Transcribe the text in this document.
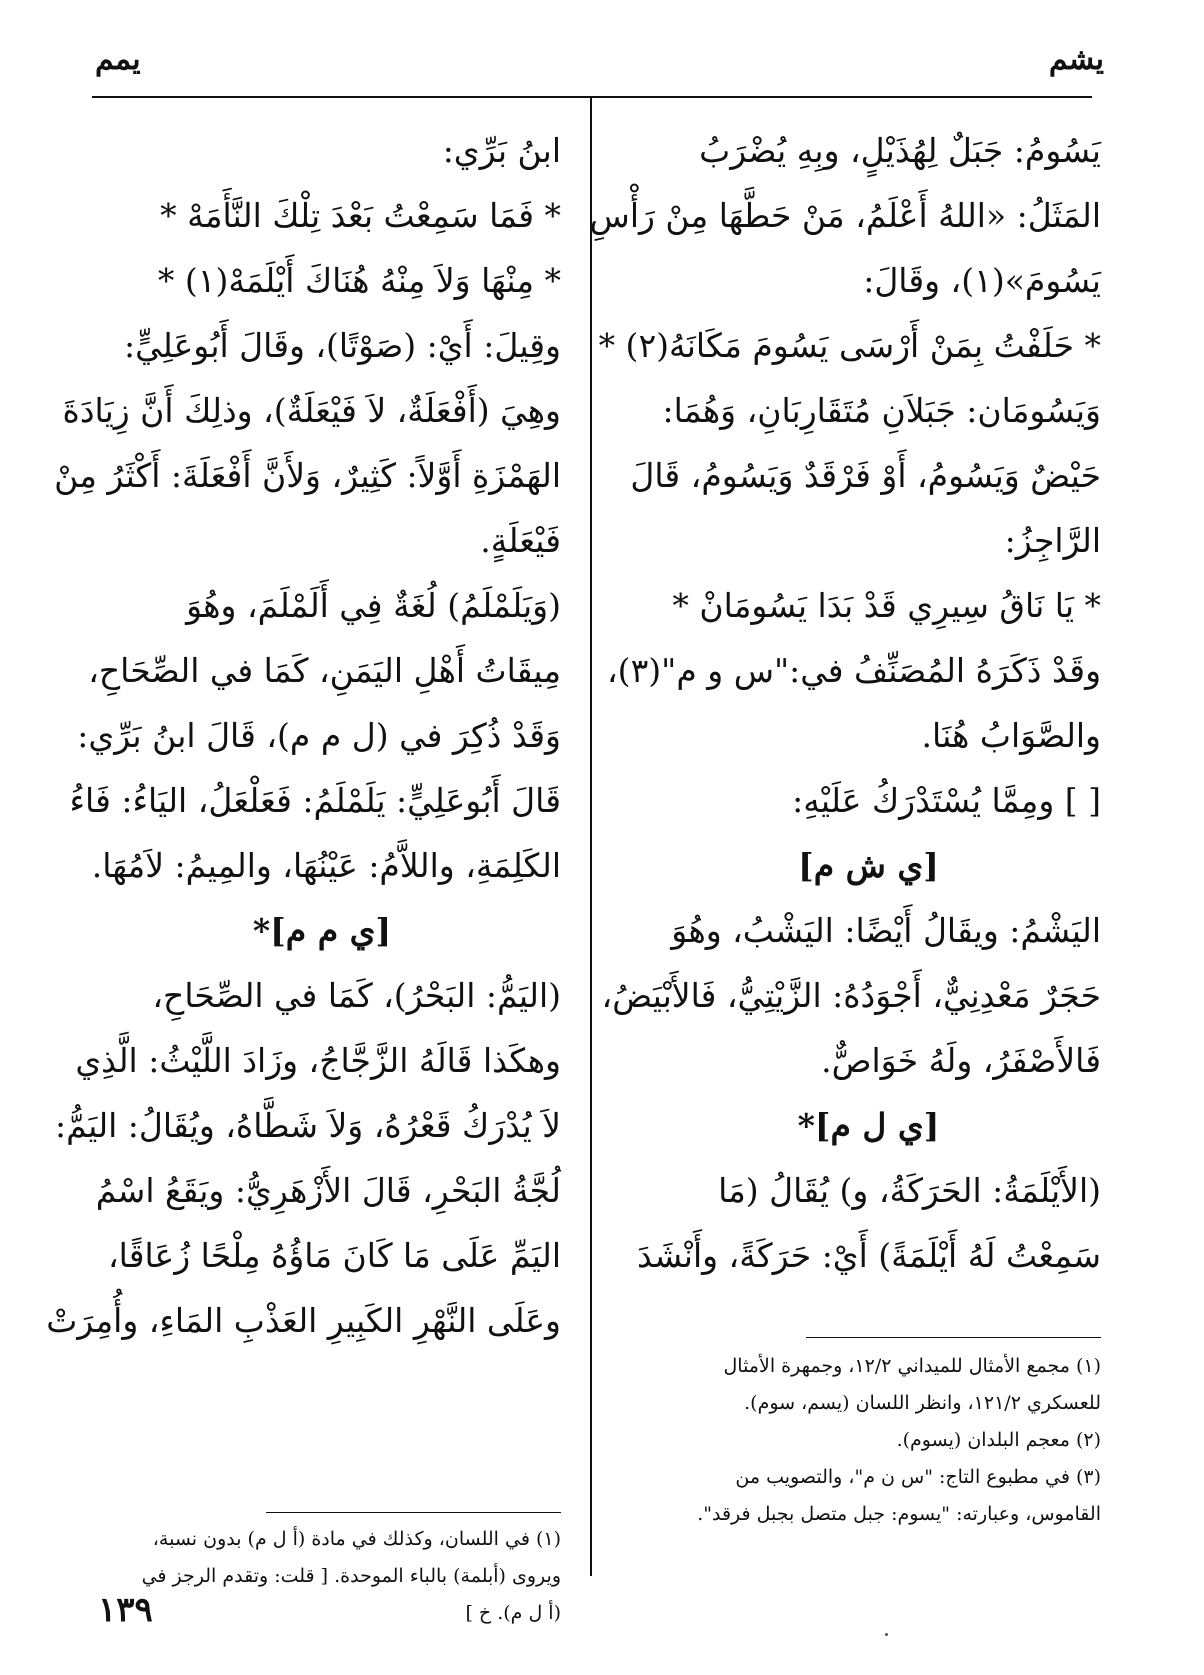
يشم
يمم
يَسُومُ: جَبَلٌ لِهُذَيْلٍ، وبِهِ يُضْرَبُ
المَثَلُ: «اللهُ أَعْلَمُ، مَنْ حَطَّهَا مِنْ رَأْسِ
يَسُومَ»(١)، وقَالَ:
* حَلَفْتُ بِمَنْ أَرْسَى يَسُومَ مَكَانَهُ(٢) *
وَيَسُومَان: جَبَلاَنِ مُتَقَارِبَانِ، وَهُمَا:
حَيْضٌ وَيَسُومُ، أَوْ فَرْقَدٌ وَيَسُومُ، قَالَ
الرَّاجِزُ:
* يَا نَاقُ سِيرِي قَدْ بَدَا يَسُومَانْ *
وقَدْ ذَكَرَهُ المُصَنِّفُ في:"س و م"(٣)،
والصَّوَابُ هُنَا.
[ ] ومِمَّا يُسْتَدْرَكُ عَلَيْهِ:
[ي ش م]
اليَشْمُ: ويقَالُ أَيْضًا: اليَشْبُ، وهُوَ
حَجَرٌ مَعْدِنِيٌّ، أَجْوَدُهُ: الزَّيْتِيُّ، فَالأَبْيَضُ،
فَالأَصْفَرُ، ولَهُ خَوَاصٌّ.
[ي ل م]*
(الأَيْلَمَةُ: الحَرَكَةُ، و) يُقَالُ (مَا
سَمِعْتُ لَهُ أَيْلَمَةً) أَيْ: حَرَكَةً، وأَنْشَدَ
ابنُ بَرِّي:
* فَمَا سَمِعْتُ بَعْدَ تِلْكَ النَّأَمَهْ *
* مِنْهَا وَلاَ مِنْهُ هُنَاكَ أَيْلَمَهْ(١) *
وقِيلَ: أَيْ: (صَوْتًا)، وقَالَ أَبُوعَلِيٍّ:
وهِيَ (أَفْعَلَةٌ، لاَ فَيْعَلَةٌ)، وذلِكَ أَنَّ زِيَادَةَ
الهَمْزَةِ أَوَّلاً: كَثِيرٌ، وَلأَنَّ أَفْعَلَةَ: أَكْثَرُ مِنْ
فَيْعَلَةٍ.
(وَيَلَمْلَمُ) لُغَةٌ فِي أَلَمْلَمَ، وهُوَ
مِيقَاتُ أَهْلِ اليَمَنِ، كَمَا في الصِّحَاحِ،
وَقَدْ ذُكِرَ في (ل م م)، قَالَ ابنُ بَرِّي:
قَالَ أَبُوعَلِيٍّ: يَلَمْلَمُ: فَعَلْعَلُ، اليَاءُ: فَاءُ
الكَلِمَةِ، واللاَّمُ: عَيْنُهَا، والمِيمُ: لاَمُهَا.
[ي م م]*
(اليَمُّ: البَحْرُ)، كَمَا في الصِّحَاحِ،
وهكَذا قَالَهُ الزَّجَّاجُ، وزَادَ اللَّيْثُ: الَّذِي
لاَ يُدْرَكُ قَعْرُهُ، وَلاَ شَطَّاهُ، ويُقَالُ: اليَمُّ:
لُجَّةُ البَحْرِ، قَالَ الأَزْهَرِيُّ: ويَقَعُ اسْمُ
اليَمِّ عَلَى مَا كَانَ مَاؤُهُ مِلْحًا زُعَاقًا،
وعَلَى النَّهْرِ الكَبِيرِ العَذْبِ المَاءِ، وأُمِرَتْ
(١) مجمع الأمثال للميداني ١٢/٢، وجمهرة الأمثال
للعسكري ١٢١/٢، وانظر اللسان (يسم، سوم).
(٢) معجم البلدان (يسوم).
(٣) في مطبوع التاج: "س ن م"، والتصويب من
القاموس، وعبارته: "يسوم: جبل متصل بجبل فرقد".
(١) في اللسان، وكذلك في مادة (أ ل م) بدون نسبة،
ويروى (أبلمة) بالباء الموحدة. [ قلت: وتقدم الرجز في
(أ ل م). خ ]
١٣٩
